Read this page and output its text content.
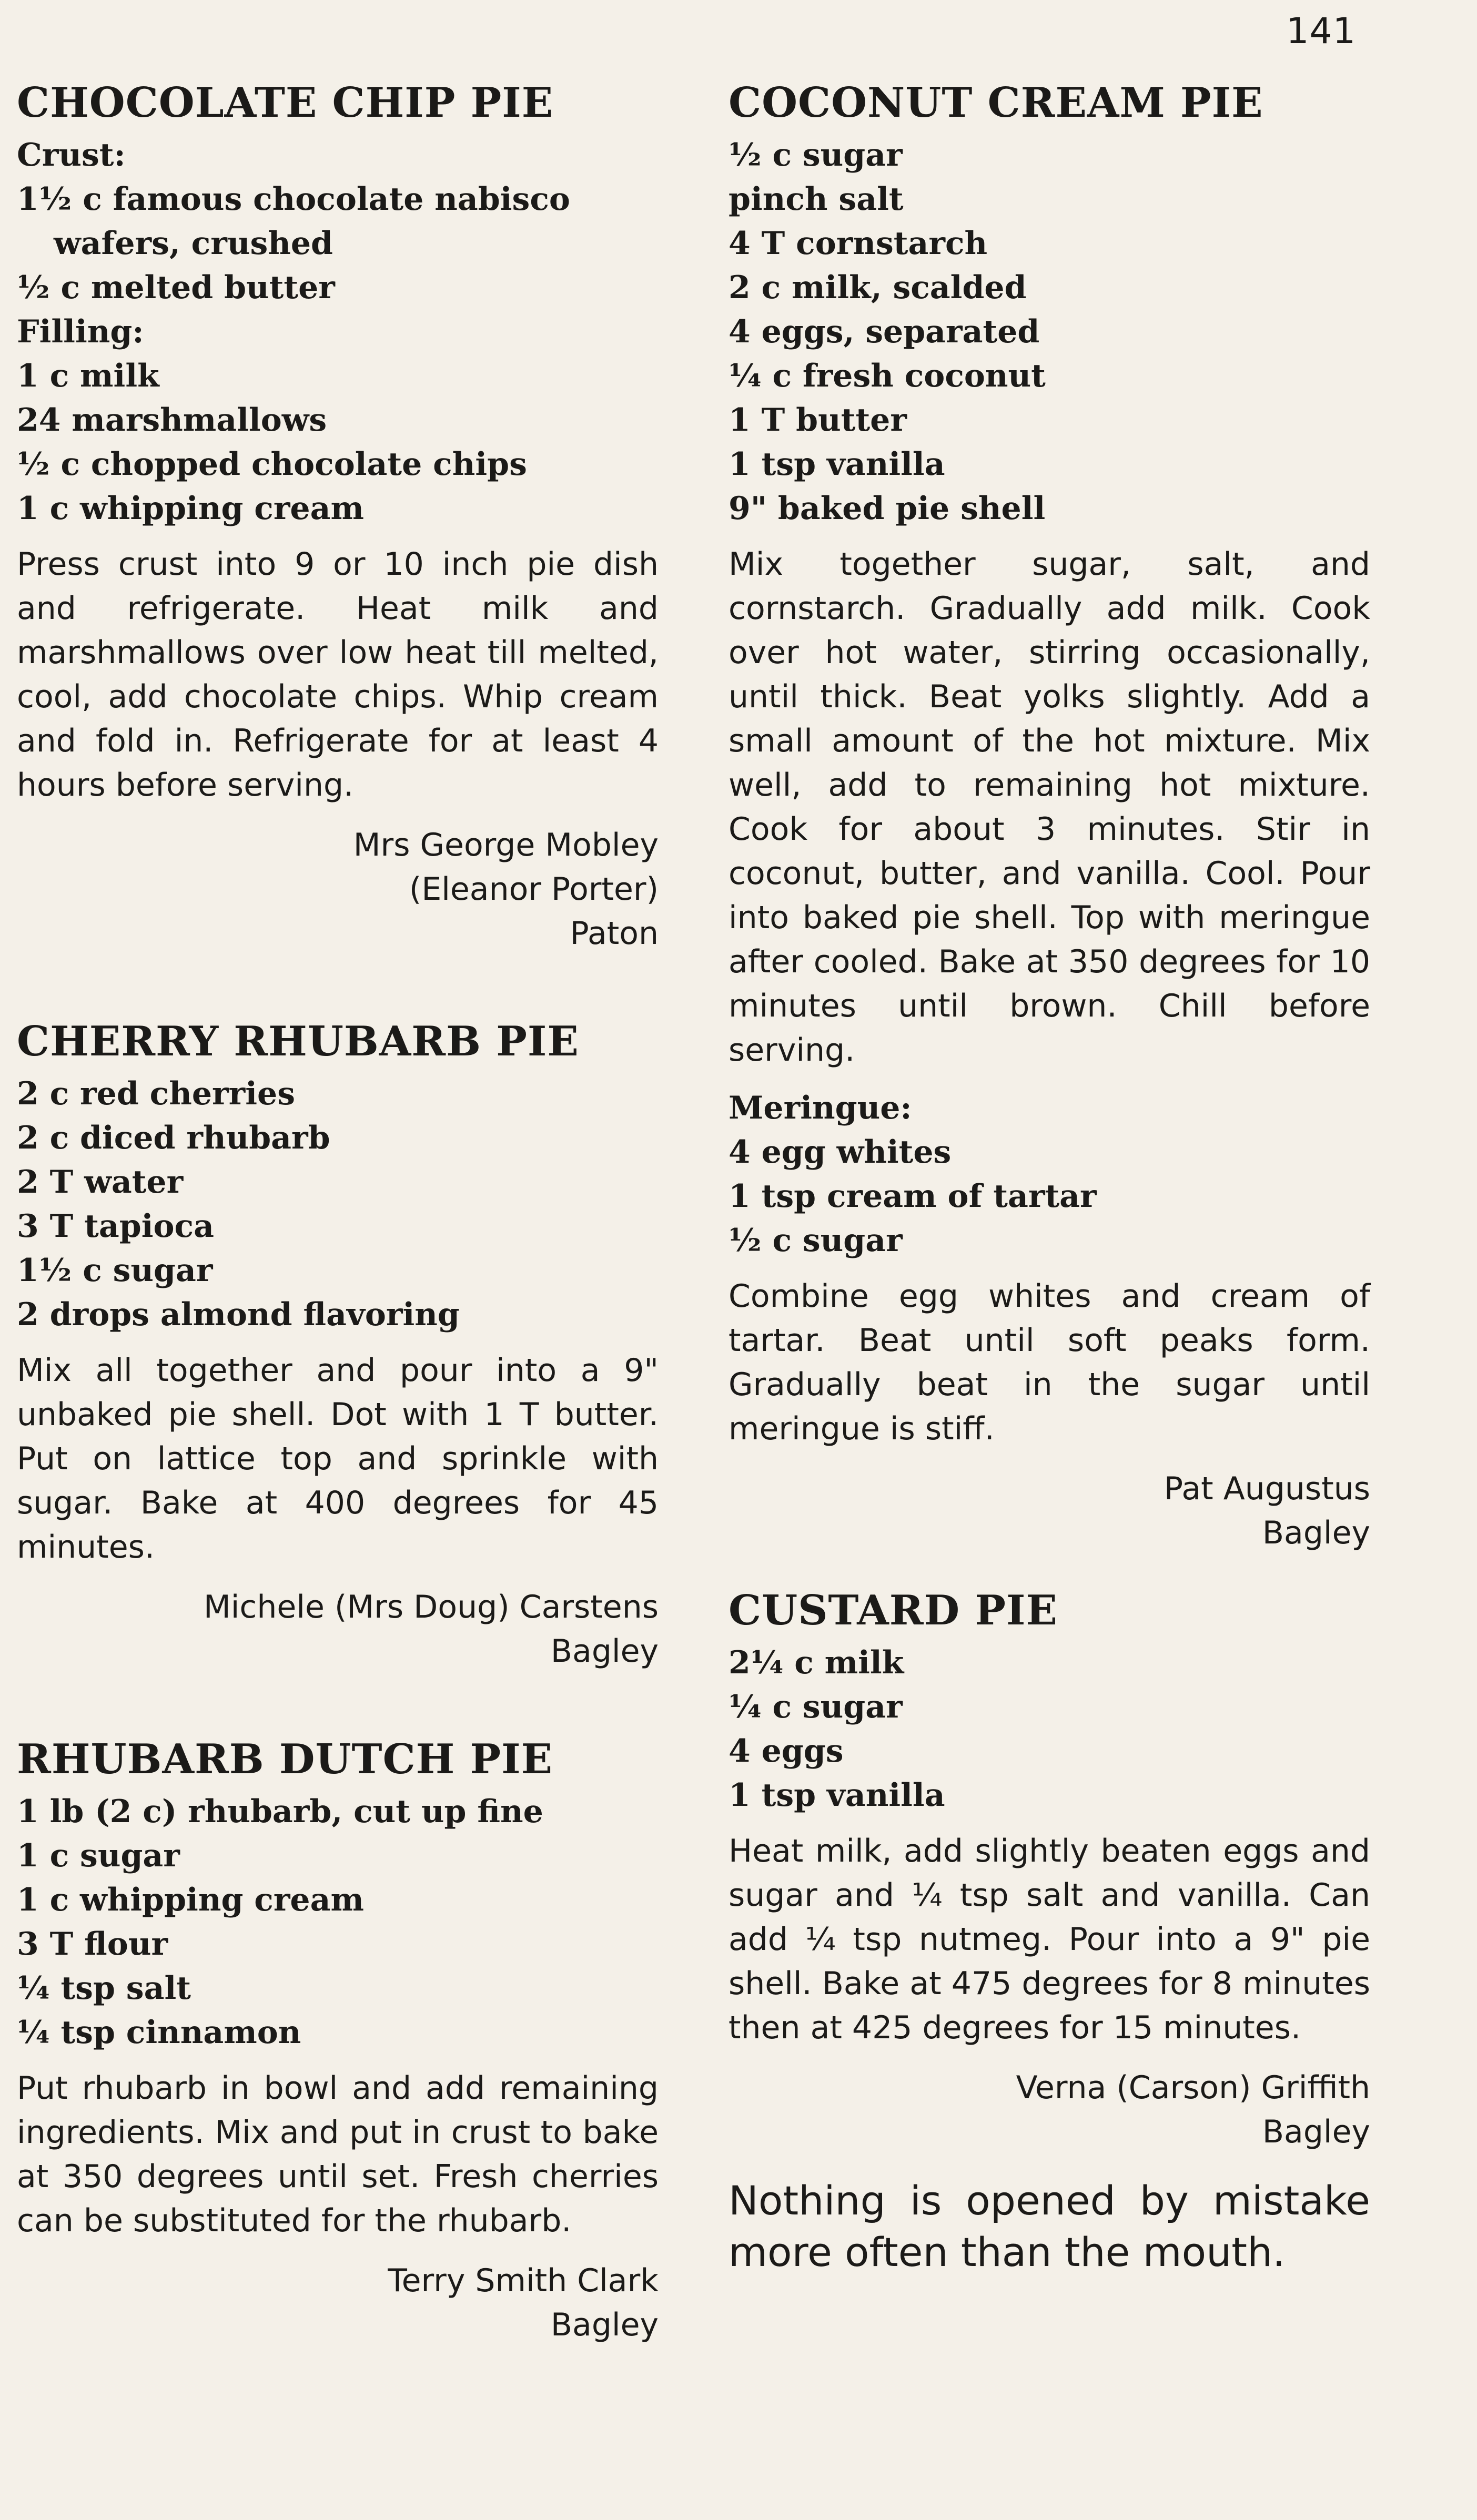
141
CHOCOLATE CHIP PIE
Crust:
1½ c famous chocolate nabisco wafers, crushed
½ c melted butter
Filling:
1 c milk
24 marshmallows
½ c chopped chocolate chips
1 c whipping cream

Press crust into 9 or 10 inch pie dish and refrigerate. Heat milk and marshmallows over low heat till melted, cool, add chocolate chips. Whip cream and fold in. Refrigerate for at least 4 hours before serving.

Mrs George Mobley
(Eleanor Porter)
Paton
CHERRY RHUBARB PIE
2 c red cherries
2 c diced rhubarb
2 T water
3 T tapioca
1½ c sugar
2 drops almond flavoring

Mix all together and pour into a 9" unbaked pie shell. Dot with 1 T butter. Put on lattice top and sprinkle with sugar. Bake at 400 degrees for 45 minutes.

Michele (Mrs Doug) Carstens
Bagley
RHUBARB DUTCH PIE
1 lb (2 c) rhubarb, cut up fine
1 c sugar
1 c whipping cream
3 T flour
¼ tsp salt
¼ tsp cinnamon

Put rhubarb in bowl and add remaining ingredients. Mix and put in crust to bake at 350 degrees until set. Fresh cherries can be substituted for the rhubarb.

Terry Smith Clark
Bagley
COCONUT CREAM PIE
½ c sugar
pinch salt
4 T cornstarch
2 c milk, scalded
4 eggs, separated
¼ c fresh coconut
1 T butter
1 tsp vanilla
9" baked pie shell

Mix together sugar, salt, and cornstarch. Gradually add milk. Cook over hot water, stirring occasionally, until thick. Beat yolks slightly. Add a small amount of the hot mixture. Mix well, add to remaining hot mixture. Cook for about 3 minutes. Stir in coconut, butter, and vanilla. Cool. Pour into baked pie shell. Top with meringue after cooled. Bake at 350 degrees for 10 minutes until brown. Chill before serving.

Meringue:
4 egg whites
1 tsp cream of tartar
½ c sugar

Combine egg whites and cream of tartar. Beat until soft peaks form. Gradually beat in the sugar until meringue is stiff.

Pat Augustus
Bagley
CUSTARD PIE
2¼ c milk
¼ c sugar
4 eggs
1 tsp vanilla

Heat milk, add slightly beaten eggs and sugar and ¼ tsp salt and vanilla. Can add ¼ tsp nutmeg. Pour into a 9" pie shell. Bake at 475 degrees for 8 minutes then at 425 degrees for 15 minutes.

Verna (Carson) Griffith
Bagley

Nothing is opened by mistake more often than the mouth.
